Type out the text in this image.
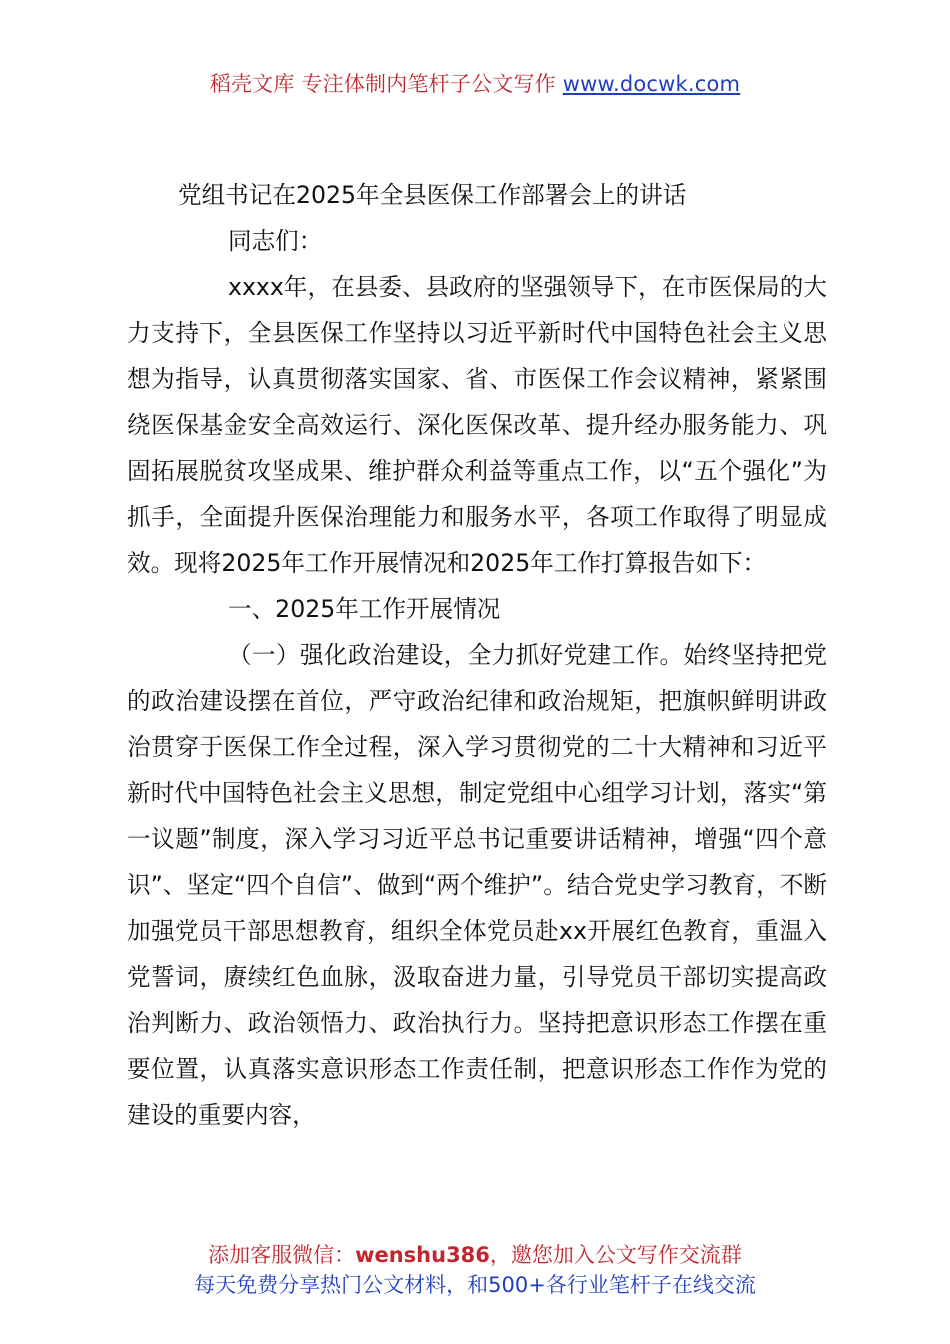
稻壳文库 专注体制内笔杆子公文写作 www.docwk.com

党组书记在2025年全县医保工作部署会上的讲话

同志们：

xxxx年，在县委、县政府的坚强领导下，在市医保局的大力支持下，全县医保工作坚持以习近平新时代中国特色社会主义思想为指导，认真贯彻落实国家、省、市医保工作会议精神，紧紧围绕医保基金安全高效运行、深化医保改革、提升经办服务能力、巩固拓展脱贫攻坚成果、维护群众利益等重点工作，以“五个强化”为抓手，全面提升医保治理能力和服务水平，各项工作取得了明显成效。现将2025年工作开展情况和2025年工作打算报告如下：

一、2025年工作开展情况

（一）强化政治建设，全力抓好党建工作。始终坚持把党的政治建设摆在首位，严守政治纪律和政治规矩，把旗帜鲜明讲政治贯穿于医保工作全过程，深入学习贯彻党的二十大精神和习近平新时代中国特色社会主义思想，制定党组中心组学习计划，落实“第一议题”制度，深入学习习近平总书记重要讲话精神，增强“四个意识”、坚定“四个自信”、做到“两个维护”。结合党史学习教育，不断加强党员干部思想教育，组织全体党员赴xx开展红色教育，重温入党誓词，赓续红色血脉，汲取奋进力量，引导党员干部切实提高政治判断力、政治领悟力、政治执行力。坚持把意识形态工作摆在重要位置，认真落实意识形态工作责任制，把意识形态工作作为党的建设的重要内容，

添加客服微信：wenshu386，邀您加入公文写作交流群
每天免费分享热门公文材料，和500+各行业笔杆子在线交流
